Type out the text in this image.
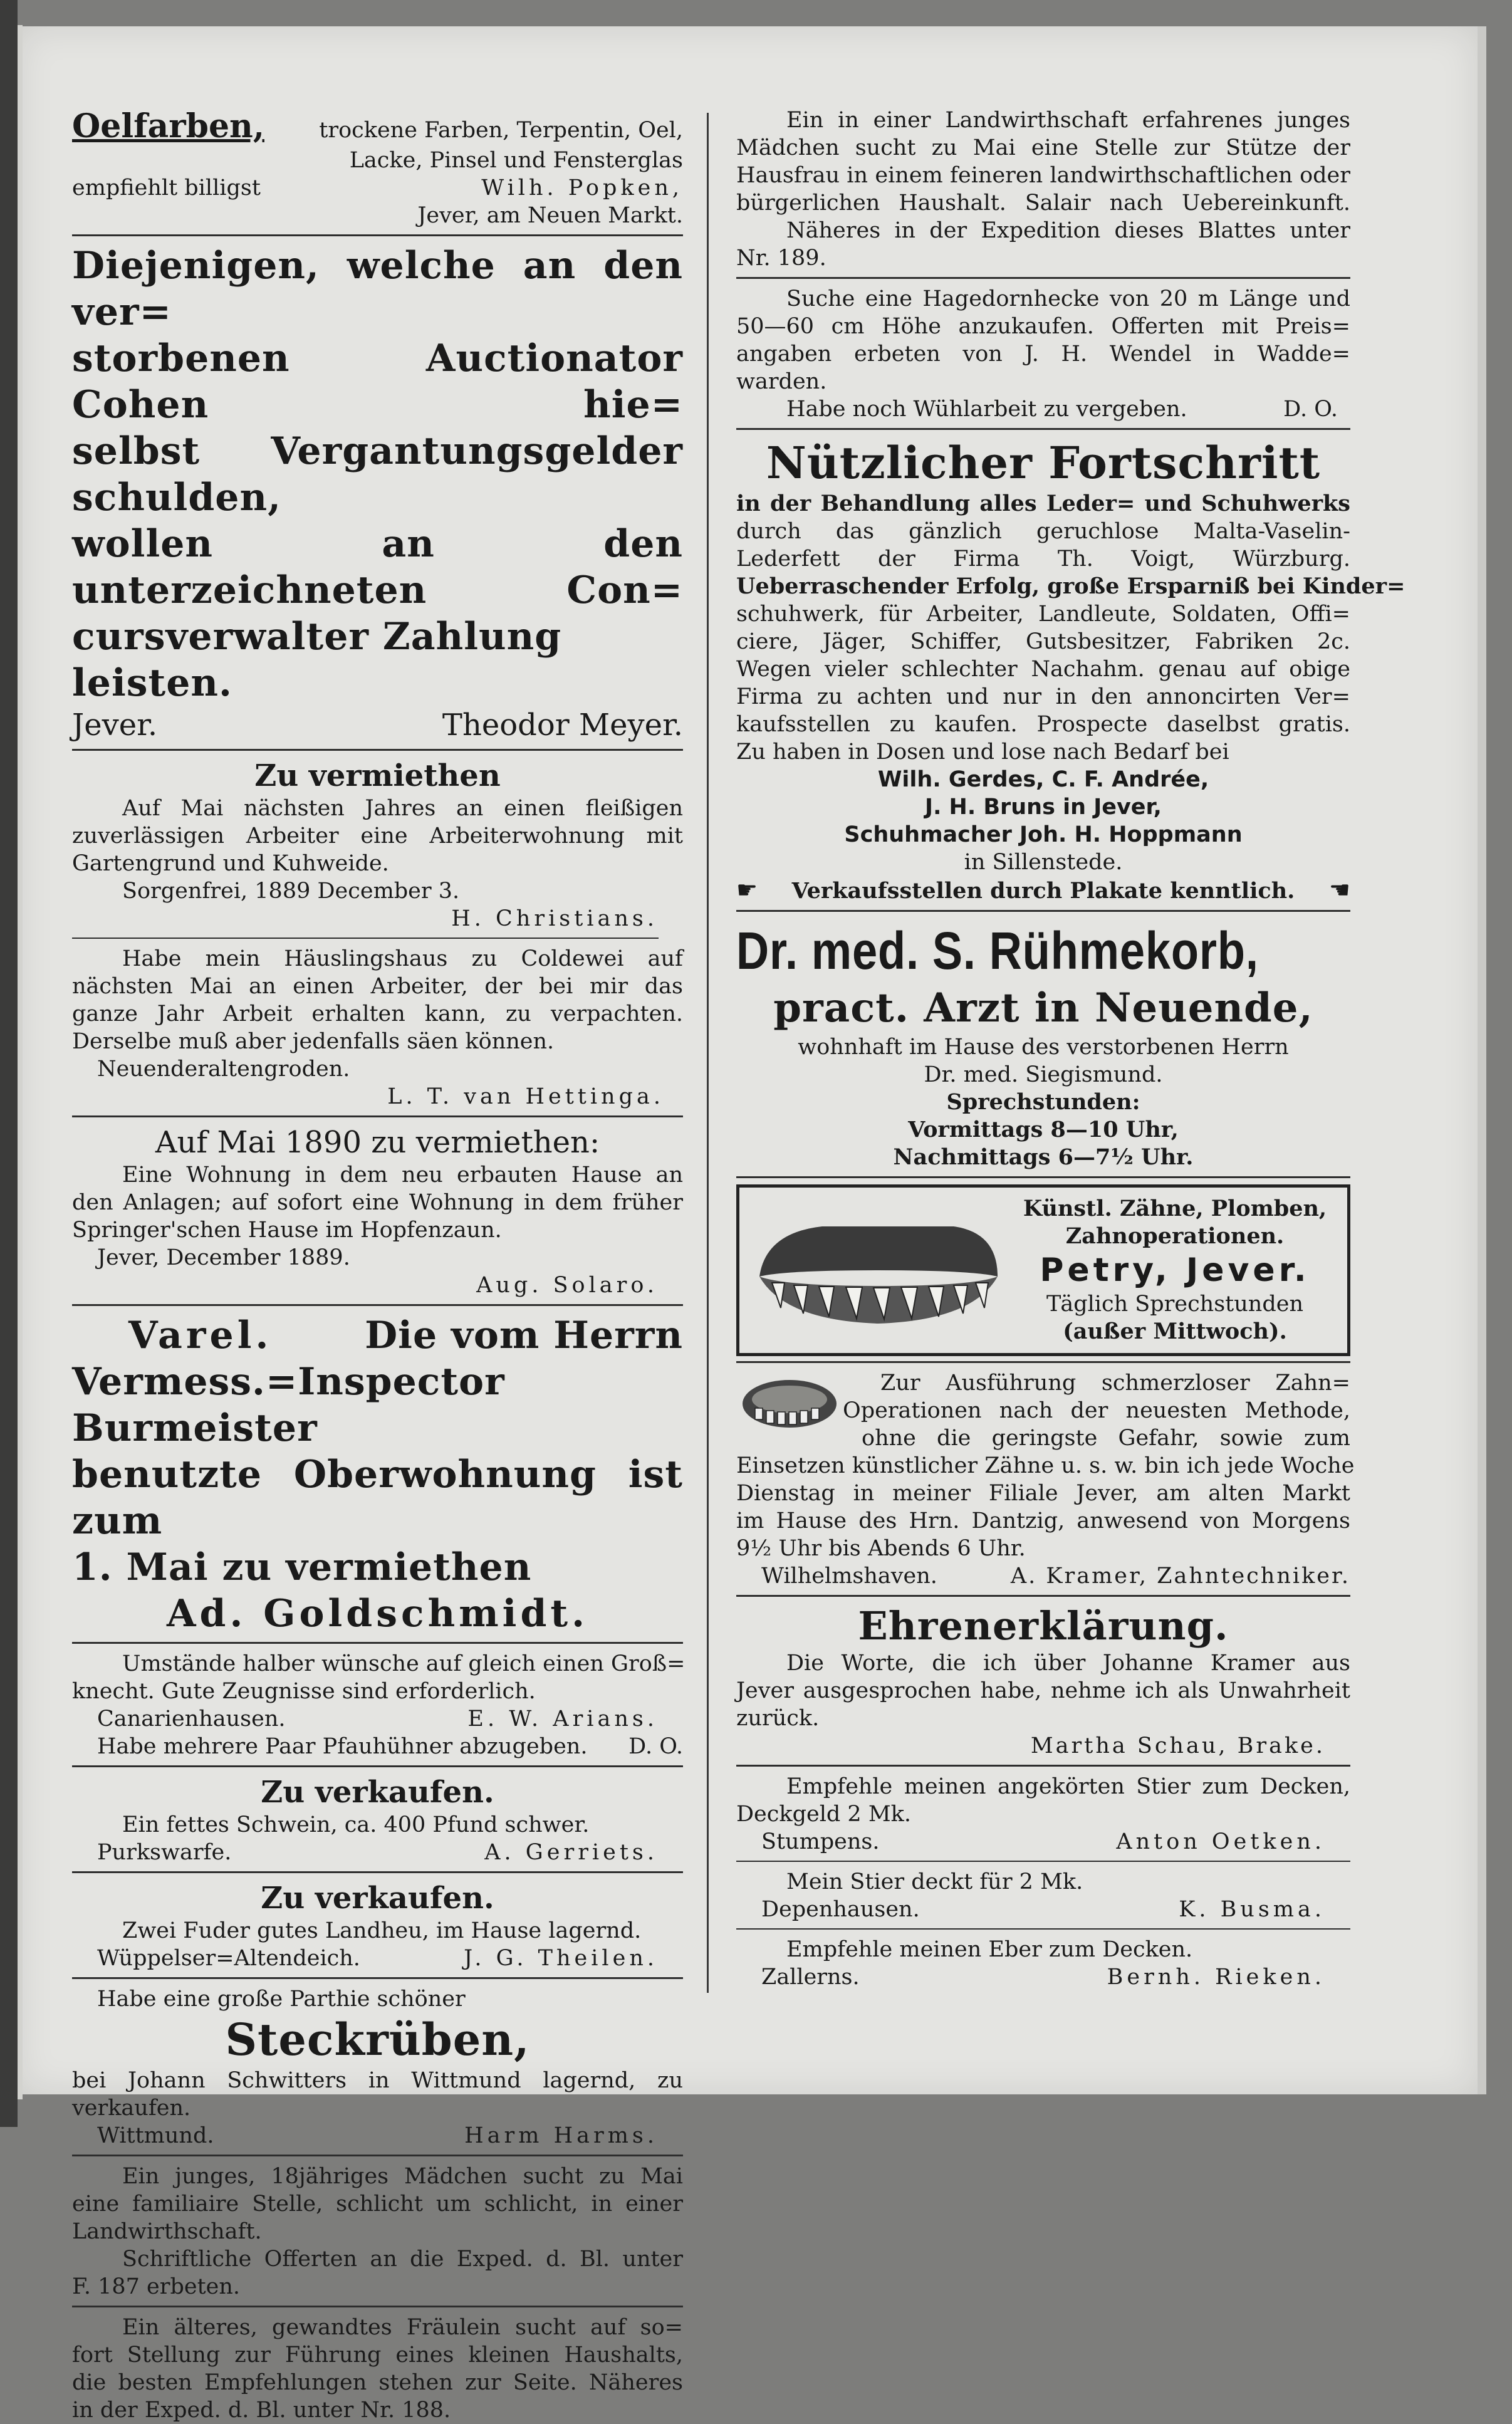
Oelfarben, trockene Farben, Terpentin, Oel,
Lacke, Pinsel und Fensterglas
empfiehlt billigst	Wilh. Popken,
Jever, am Neuen Markt.
Diejenigen, welche an den ver=
storbenen Auctionator Cohen hie=
selbst Vergantungsgelder schulden,
wollen an den unterzeichneten Con=
cursverwalter Zahlung leisten.
Jever.	Theodor Meyer.
Zu vermiethen
Auf Mai nächsten Jahres an einen fleißigen
zuverlässigen Arbeiter eine Arbeiterwohnung mit
Gartengrund und Kuhweide.
Sorgenfrei, 1889 December 3.
H. Christians.
Habe mein Häuslingshaus zu Coldewei auf
nächsten Mai an einen Arbeiter, der bei mir das
ganze Jahr Arbeit erhalten kann, zu verpachten.
Derselbe muß aber jedenfalls säen können.
Neuenderaltengroden.
L. T. van Hettinga.
Auf Mai 1890 zu vermiethen:
Eine Wohnung in dem neu erbauten Hause an
den Anlagen; auf sofort eine Wohnung in dem früher
Springer'schen Hause im Hopfenzaun.
Jever, December 1889.
Aug. Solaro.
Varel. Die vom Herrn
Vermess.=Inspector Burmeister
benutzte Oberwohnung ist zum
1. Mai zu vermiethen
Ad. Goldschmidt.
Umstände halber wünsche auf gleich einen Groß=
knecht. Gute Zeugnisse sind erforderlich.
Canarienhausen.	E. W. Arians.
Habe mehrere Paar Pfauhühner abzugeben. D. O.
Zu verkaufen.
Ein fettes Schwein, ca. 400 Pfund schwer.
Purkswarfe.	A. Gerriets.
Zu verkaufen.
Zwei Fuder gutes Landheu, im Hause lagernd.
Wüppelser=Altendeich.	J. G. Theilen.
Habe eine große Parthie schöner
Steckrüben,
bei Johann Schwitters in Wittmund lagernd, zu
verkaufen.
Wittmund.	Harm Harms.
Ein junges, 18jähriges Mädchen sucht zu Mai
eine familiaire Stelle, schlicht um schlicht, in einer
Landwirthschaft.
Schriftliche Offerten an die Exped. d. Bl. unter
F. 187 erbeten.
Ein älteres, gewandtes Fräulein sucht auf so=
fort Stellung zur Führung eines kleinen Haushalts,
die besten Empfehlungen stehen zur Seite. Näheres
in der Exped. d. Bl. unter Nr. 188.
Ein in einer Landwirthschaft erfahrenes junges
Mädchen sucht zu Mai eine Stelle zur Stütze der
Hausfrau in einem feineren landwirthschaftlichen oder
bürgerlichen Haushalt. Salair nach Uebereinkunft.
Näheres in der Expedition dieses Blattes unter
Nr. 189.
Suche eine Hagedornhecke von 20 m Länge und
50—60 cm Höhe anzukaufen. Offerten mit Preis=
angaben erbeten von J. H. Wendel in Wadde=
warden.
Habe noch Wühlarbeit zu vergeben.	D. O.
Nützlicher Fortschritt
in der Behandlung alles Leder= und Schuhwerks
durch das gänzlich geruchlose Malta-Vaselin-
Lederfett der Firma Th. Voigt, Würzburg.
Ueberraschender Erfolg, große Ersparniß bei Kinder=
schuhwerk, für Arbeiter, Landleute, Soldaten, Offi=
ciere, Jäger, Schiffer, Gutsbesitzer, Fabriken 2c.
Wegen vieler schlechter Nachahm. genau auf obige
Firma zu achten und nur in den annoncirten Ver=
kaufsstellen zu kaufen. Prospecte daselbst gratis.
Zu haben in Dosen und lose nach Bedarf bei
Wilh. Gerdes, C. F. Andrée,
J. H. Bruns in Jever,
Schuhmacher Joh. H. Hoppmann
in Sillenstede.
☛ Verkaufsstellen durch Plakate kenntlich. ☚
Dr. med. S. Rühmekorb,
pract. Arzt in Neuende,
wohnhaft im Hause des verstorbenen Herrn
Dr. med. Siegismund.
Sprechstunden:
Vormittags 8—10 Uhr,
Nachmittags 6—7½ Uhr.
Künstl. Zähne, Plomben,
Zahnoperationen.
Petry, Jever.
Täglich Sprechstunden
(außer Mittwoch).
Zur Ausführung schmerzloser Zahn=
Operationen nach der neuesten Methode,
ohne die geringste Gefahr, sowie zum
Einsetzen künstlicher Zähne u. s. w. bin ich jede Woche
Dienstag in meiner Filiale Jever, am alten Markt
im Hause des Hrn. Dantzig, anwesend von Morgens
9½ Uhr bis Abends 6 Uhr.
Wilhelmshaven.	A. Kramer, Zahntechniker.
Ehrenerklärung.
Die Worte, die ich über Johanne Kramer aus
Jever ausgesprochen habe, nehme ich als Unwahrheit
zurück.
Martha Schau, Brake.
Empfehle meinen angekörten Stier zum Decken,
Deckgeld 2 Mk.
Stumpens.	Anton Oetken.
Mein Stier deckt für 2 Mk.
Depenhausen.	K. Busma.
Empfehle meinen Eber zum Decken.
Zallerns.	Bernh. Rieken.
